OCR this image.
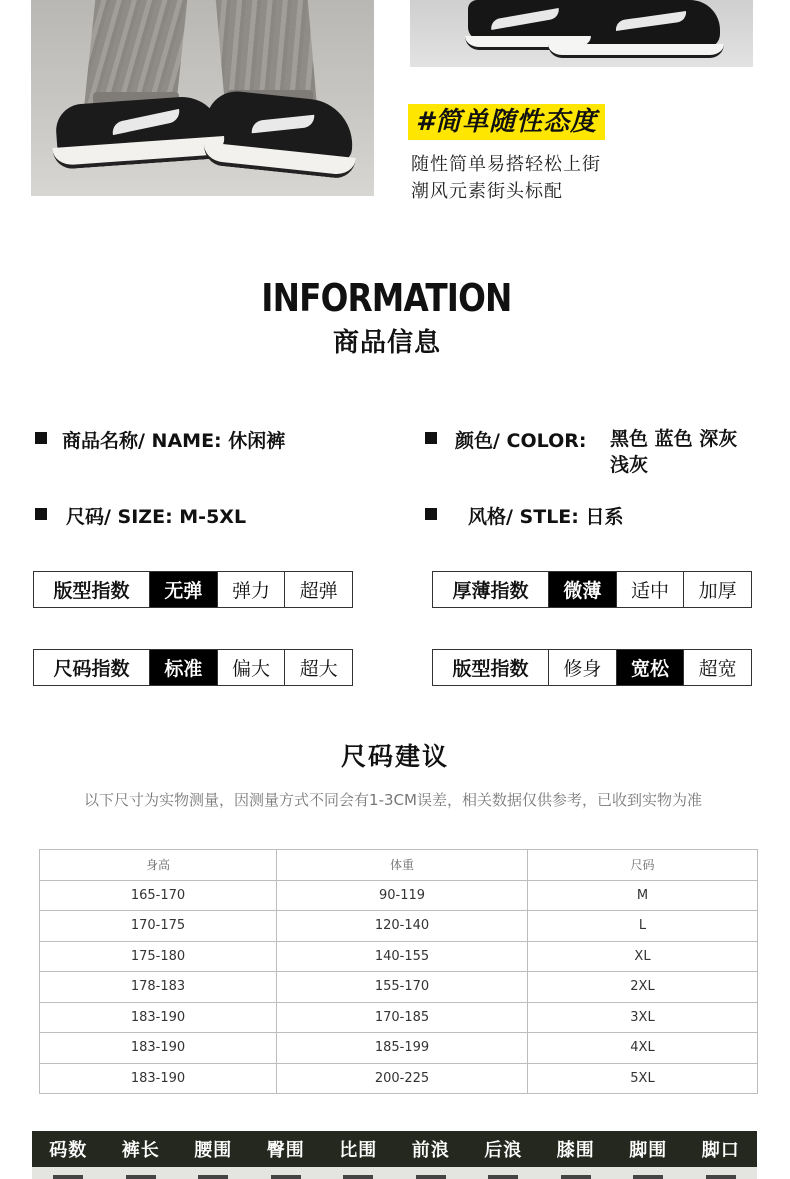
#简单随性态度
随性简单易搭轻松上街
潮风元素街头标配
INFORMATION
商品信息
商品名称/ NAME: 休闲裤	颜色/ COLOR: 黑色 蓝色 深灰 浅灰
尺码/ SIZE: M-5XL	风格/ STLE: 日系
版型指数	无弹	弹力	超弹	厚薄指数	微薄	适中	加厚
尺码指数	标准	偏大	超大	版型指数	修身	宽松	超宽
尺码建议
以下尺寸为实物测量，因测量方式不同会有1-3CM误差，相关数据仅供参考，已收到实物为准
身高	体重	尺码
165-170	90-119	M
170-175	120-140	L
175-180	140-155	XL
178-183	155-170	2XL
183-190	170-185	3XL
183-190	185-199	4XL
183-190	200-225	5XL
码数	裤长	腰围	臀围	比围	前浪	后浪	膝围	脚围	脚口
